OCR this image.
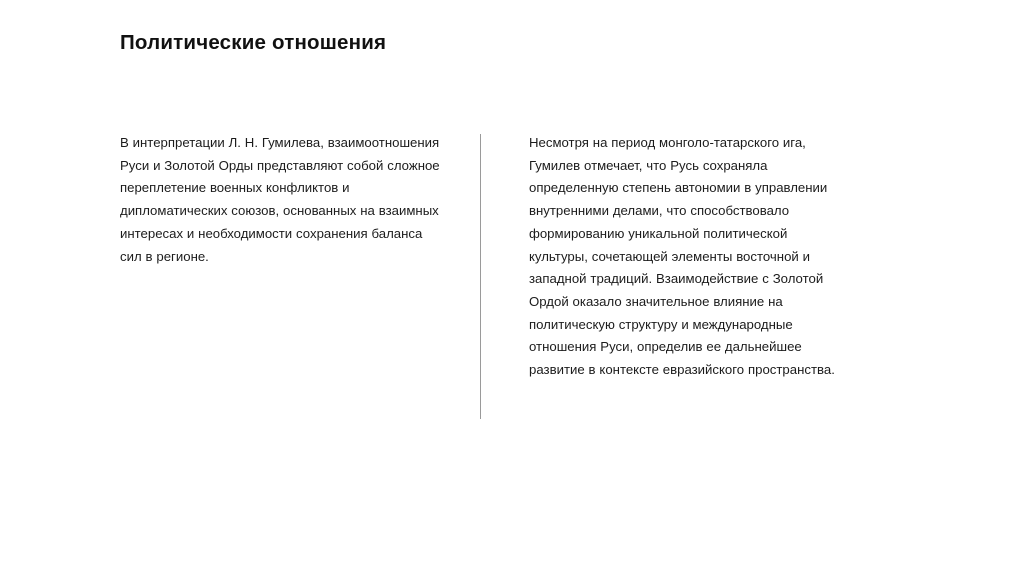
Политические отношения

В интерпретации Л. Н. Гумилева, взаимоотношения Руси и Золотой Орды представляют собой сложное переплетение военных конфликтов и дипломатических союзов, основанных на взаимных интересах и необходимости сохранения баланса сил в регионе.

Несмотря на период монголо-татарского ига, Гумилев отмечает, что Русь сохраняла определенную степень автономии в управлении внутренними делами, что способствовало формированию уникальной политической культуры, сочетающей элементы восточной и западной традиций. Взаимодействие с Золотой Ордой оказало значительное влияние на политическую структуру и международные отношения Руси, определив ее дальнейшее развитие в контексте евразийского пространства.
